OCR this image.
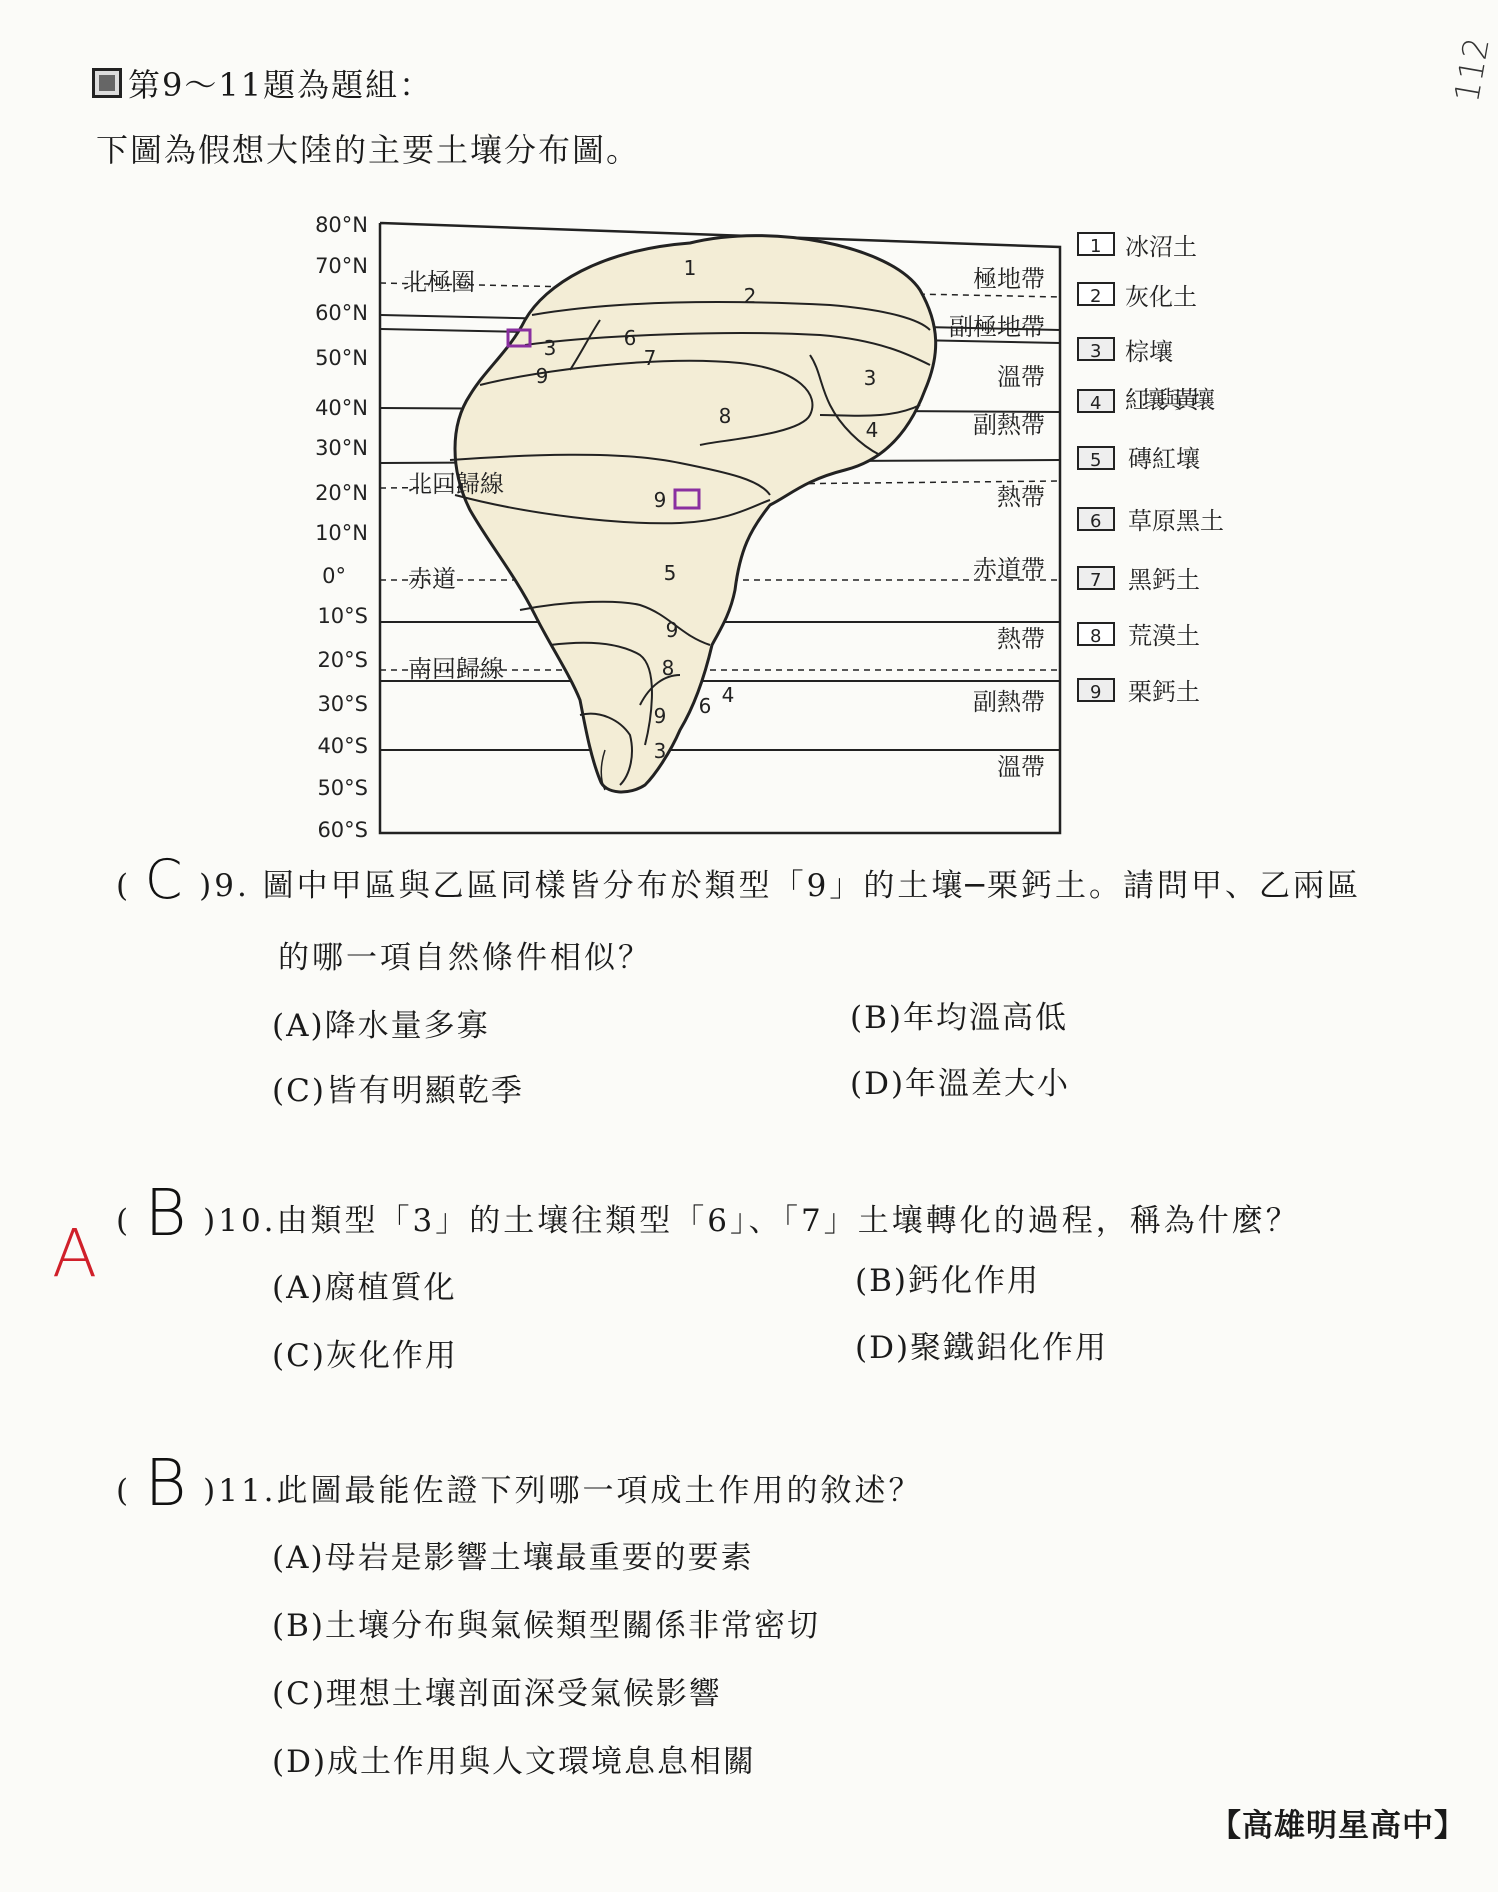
第9～11題為題組：
下圖為假想大陸的主要土壤分布圖。
112
1
2
3	6
7
9
8
3
4
9
5
9
8
4
9 6
3
80°N
70°N
60°N
50°N
40°N
30°N
20°N
10°N
0°
10°S
20°S
30°S
40°S
50°S
60°S
北極圈
北回歸線
赤道
南回歸線
極地帶
副極地帶
溫帶
副熱帶
熱帶
赤道帶
熱帶
副熱帶
溫帶
1 冰沼土
2 灰化土
3 棕壤
4 紅壤與黃壤
5 磚紅壤
6 草原黑土
7 黑鈣土
8 荒漠土
9 栗鈣土
( C )9. 圖中甲區與乙區同樣皆分布於類型「9」的土壤─栗鈣土。請問甲、乙兩區
的哪一項自然條件相似？
(A)降水量多寡	(B)年均溫高低
(C)皆有明顯乾季	(D)年溫差大小
A ( B )10.由類型「3」的土壤往類型「6」、「7」土壤轉化的過程，稱為什麼？
(A)腐植質化	(B)鈣化作用
(C)灰化作用	(D)聚鐵鋁化作用
( B )11.此圖最能佐證下列哪一項成土作用的敘述？
(A)母岩是影響土壤最重要的要素
(B)土壤分布與氣候類型關係非常密切
(C)理想土壤剖面深受氣候影響
(D)成土作用與人文環境息息相關
【高雄明星高中】
